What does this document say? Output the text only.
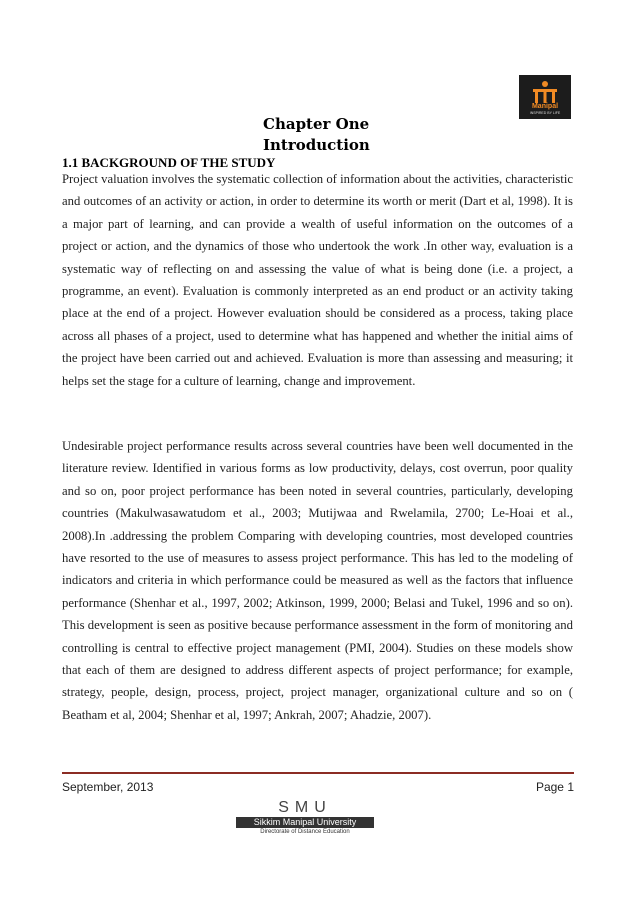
Manipal
INSPIRED BY LIFE
Chapter One
Introduction
1.1 BACKGROUND OF THE STUDY

Project valuation involves the systematic collection of information about the activities, characteristic and outcomes of an activity or action, in order to determine its worth or merit (Dart et al, 1998). It is a major part of learning, and can provide a wealth of useful information on the outcomes of a project or action, and the dynamics of those who undertook the work .In other way, evaluation is a systematic way of reflecting on and assessing the value of what is being done (i.e. a project, a programme, an event). Evaluation is commonly interpreted as an end product or an activity taking place at the end of a project. However evaluation should be considered as a process, taking place across all phases of a project, used to determine what has happened and whether the initial aims of the project have been carried out and achieved. Evaluation is more than assessing and measuring; it helps set the stage for a culture of learning, change and improvement.

Undesirable project performance results across several countries have been well documented in the literature review. Identified in various forms as low productivity, delays, cost overrun, poor quality and so on, poor project performance has been noted in several countries, particularly, developing countries (Makulwasawatudom et al., 2003; Mutijwaa and Rwelamila, 2700; Le-Hoai et al., 2008).In .addressing the problem Comparing with developing countries, most developed countries have resorted to the use of measures to assess project performance. This has led to the modeling of indicators and criteria in which performance could be measured as well as the factors that influence performance (Shenhar et al., 1997, 2002; Atkinson, 1999, 2000; Belasi and Tukel, 1996 and so on). This development is seen as positive because performance assessment in the form of monitoring and controlling is central to effective project management (PMI, 2004). Studies on these models show that each of them are designed to address different aspects of project performance; for example, strategy, people, design, process, project, project manager, organizational culture and so on ( Beatham et al, 2004; Shenhar et al, 1997; Ankrah, 2007; Ahadzie, 2007).

September, 2013	Page 1
SMU
Sikkim Manipal University
Directorate of Distance Education
